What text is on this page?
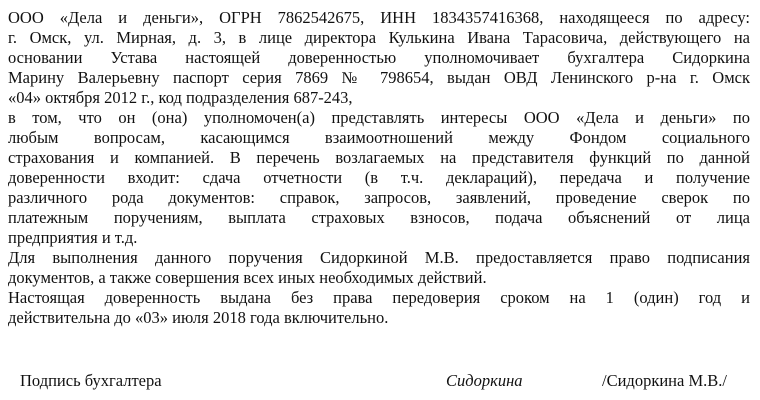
ООО «Дела и деньги», ОГРН 7862542675, ИНН 1834357416368, находящееся по адресу:
г. Омск, ул. Мирная, д. 3, в лице директора Кулькина Ивана Тарасовича, действующего на
основании Устава настоящей доверенностью уполномочивает бухгалтера Сидоркина
Марину Валерьевну паспорт серия 7869 № 798654, выдан ОВД Ленинского р-на г. Омск
«04» октября 2012 г., код подразделения 687-243,

в том, что он (она) уполномочен(а) представлять интересы ООО «Дела и деньги» по
любым вопросам, касающимся взаимоотношений между Фондом социального
страхования и компанией. В перечень возлагаемых на представителя функций по данной
доверенности входит: сдача отчетности (в т.ч. деклараций), передача и получение
различного рода документов: справок, запросов, заявлений, проведение сверок по
платежным поручениям, выплата страховых взносов, подача объяснений от лица
предприятия и т.д.

Для выполнения данного поручения Сидоркиной М.В. предоставляется право подписания
документов, а также совершения всех иных необходимых действий.

Настоящая доверенность выдана без права передоверия сроком на 1 (один) год и
действительна до «03» июля 2018 года включительно.

Подпись бухгалтера	Сидоркина	/Сидоркина М.В./
